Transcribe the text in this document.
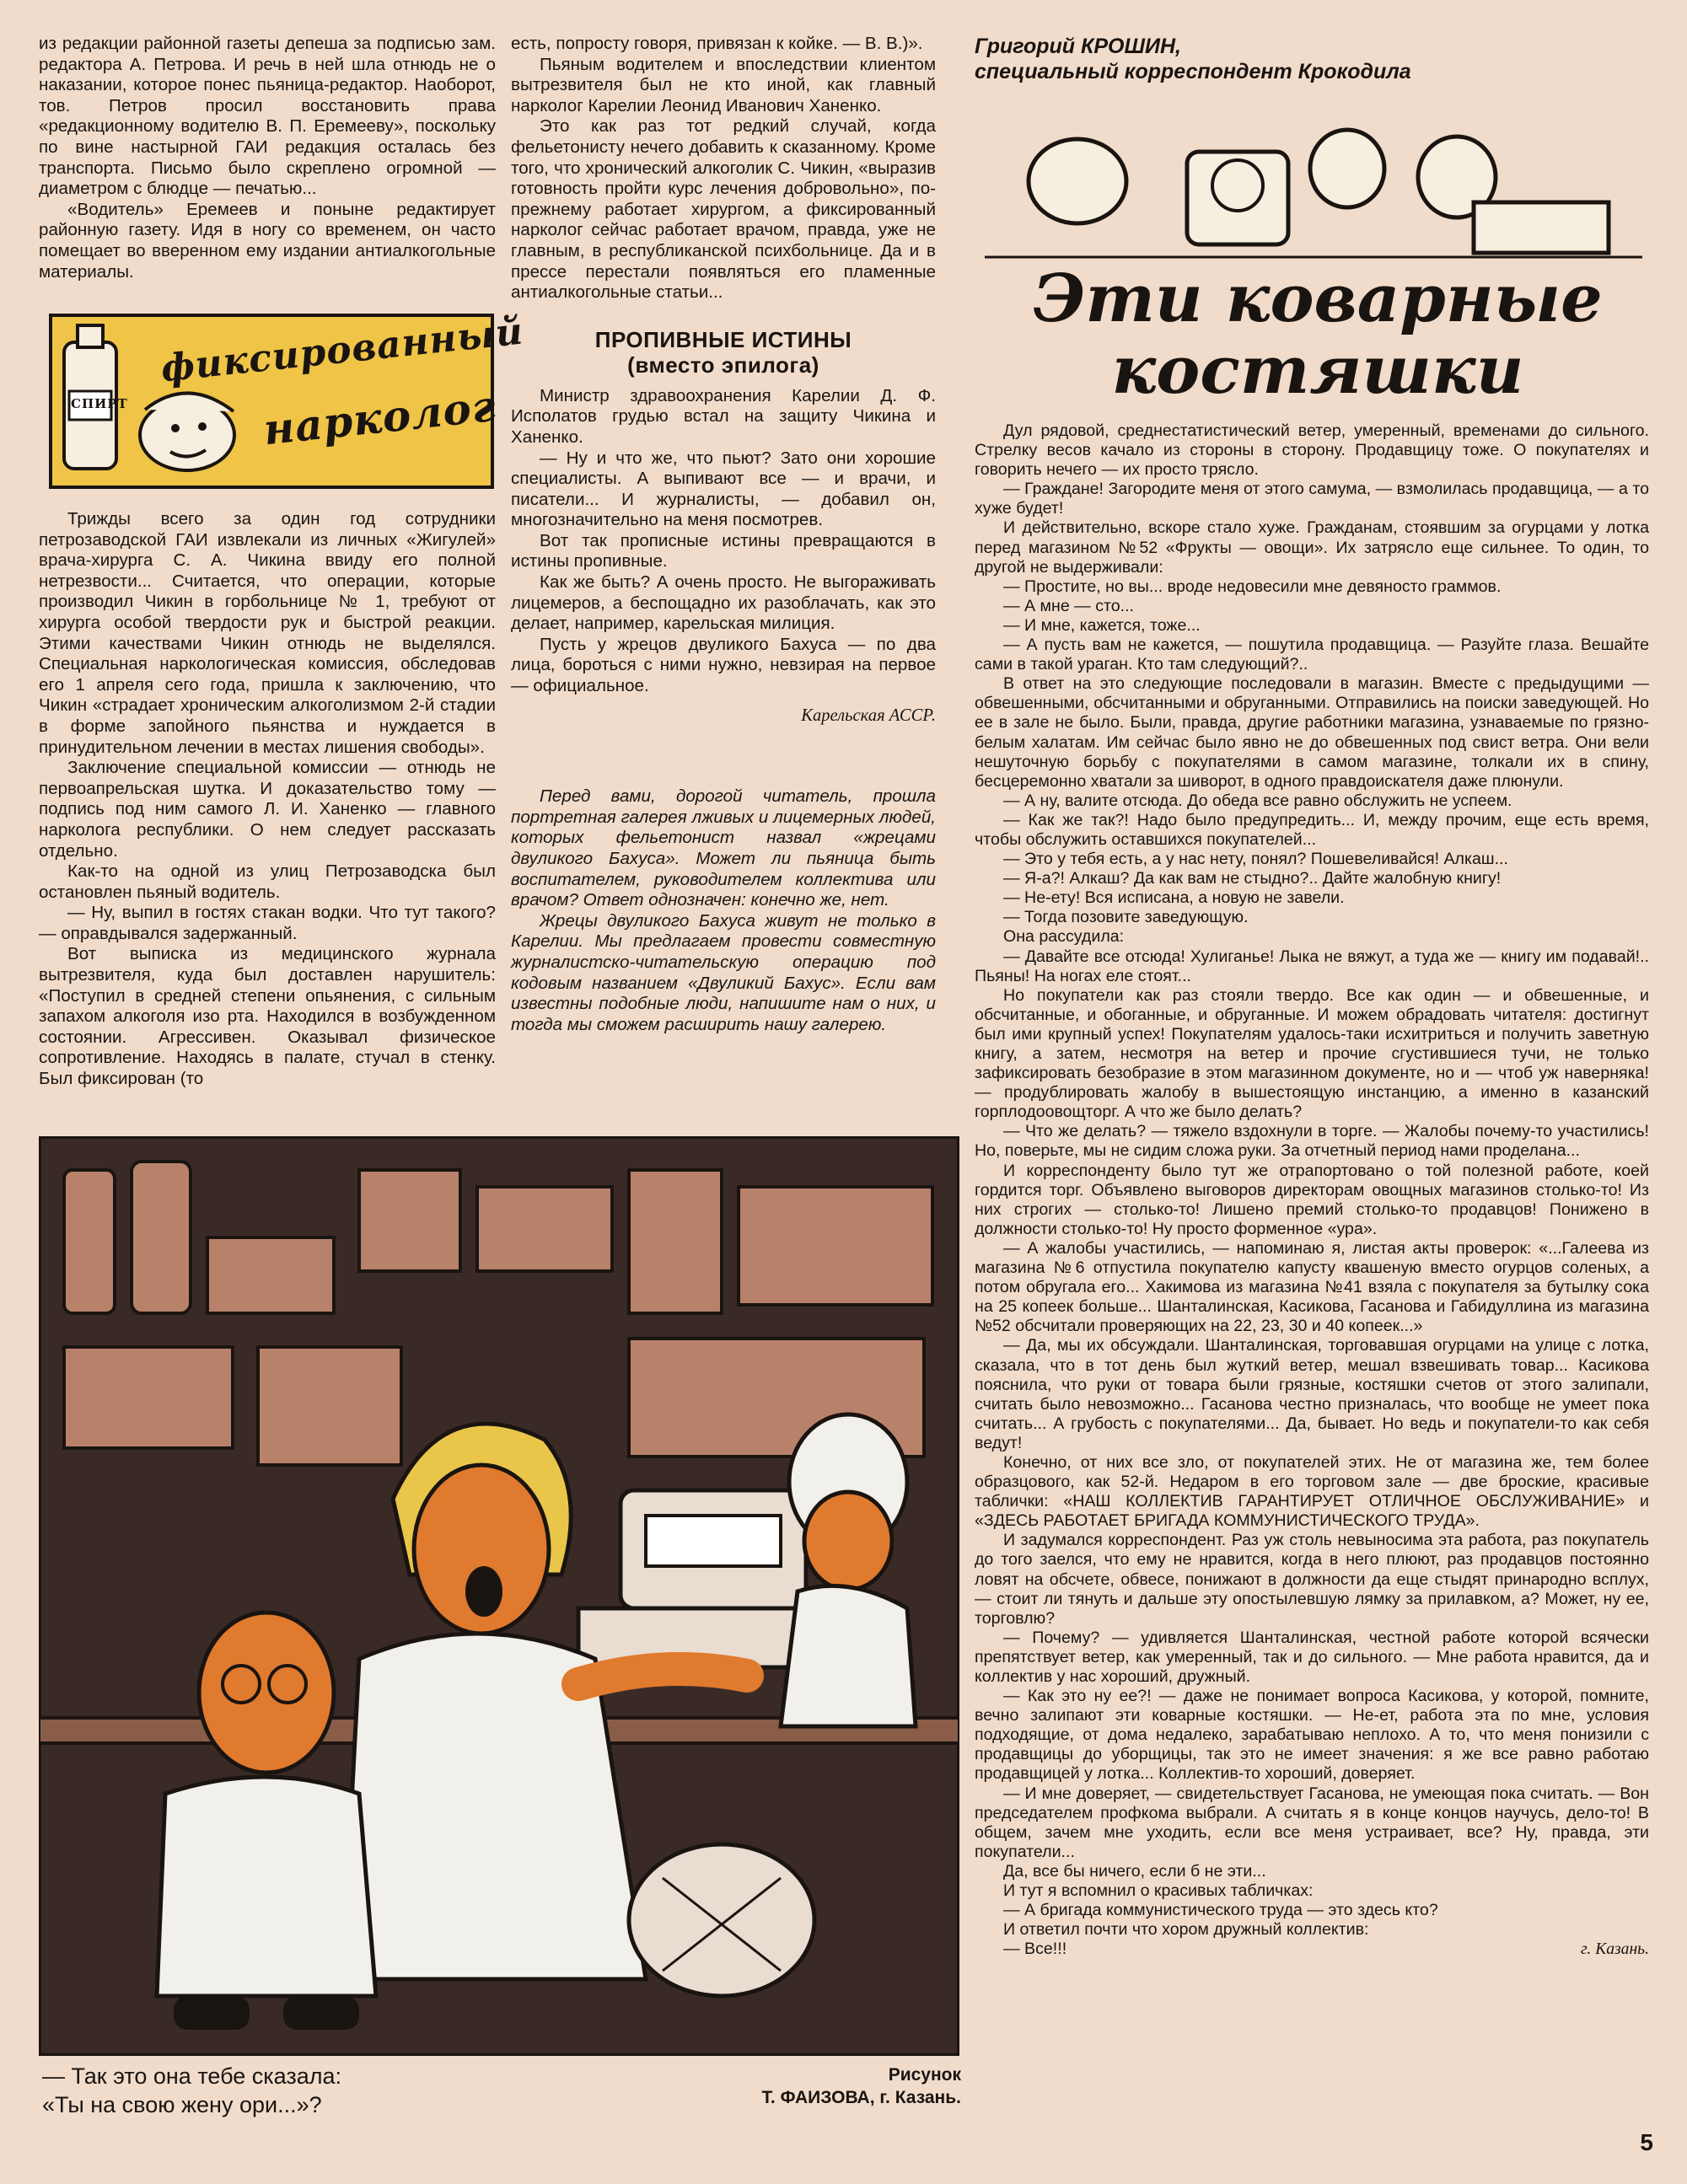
из редакции районной газеты депеша за подписью зам. редактора А. Петрова. И речь в ней шла отнюдь не о наказании, которое понес пьяница-редактор. Наоборот, тов. Петров просил восстановить права «редакционному водителю В. П. Еремееву», поскольку по вине настырной ГАИ редакция осталась без транспорта. Письмо было скреплено огромной — диаметром с блюдце — печатью...

«Водитель» Еремеев и поныне редактирует районную газету. Идя в ногу со временем, он часто помещает во вверенном ему издании антиалкогольные материалы.

СПИРТ
фиксированный
нарколог

Трижды всего за один год сотрудники петрозаводской ГАИ извлекали из личных «Жигулей» врача-хирурга С. А. Чикина ввиду его полной нетрезвости... Считается, что операции, которые производил Чикин в горбольнице № 1, требуют от хирурга особой твердости рук и быстрой реакции. Этими качествами Чикин отнюдь не выделялся. Специальная наркологическая комиссия, обследовав его 1 апреля сего года, пришла к заключению, что Чикин «страдает хроническим алкоголизмом 2-й стадии в форме запойного пьянства и нуждается в принудительном лечении в местах лишения свободы».

Заключение специальной комиссии — отнюдь не первоапрельская шутка. И доказательство тому — подпись под ним самого Л. И. Ханенко — главного нарколога республики. О нем следует рассказать отдельно.

Как-то на одной из улиц Петрозаводска был остановлен пьяный водитель.

— Ну, выпил в гостях стакан водки. Что тут такого? — оправдывался задержанный.

Вот выписка из медицинского журнала вытрезвителя, куда был доставлен нарушитель: «Поступил в средней степени опьянения, с сильным запахом алкоголя изо рта. Находился в возбужденном состоянии. Агрессивен. Оказывал физическое сопротивление. Находясь в палате, стучал в стенку. Был фиксирован (то

есть, попросту говоря, привязан к койке. — В. В.)».

Пьяным водителем и впоследствии клиентом вытрезвителя был не кто иной, как главный нарколог Карелии Леонид Иванович Ханенко.

Это как раз тот редкий случай, когда фельетонисту нечего добавить к сказанному. Кроме того, что хронический алкоголик С. Чикин, «выразив готовность пройти курс лечения добровольно», по-прежнему работает хирургом, а фиксированный нарколог сейчас работает врачом, правда, уже не главным, в республиканской психбольнице. Да и в прессе перестали появляться его пламенные антиалкогольные статьи...

ПРОПИВНЫЕ ИСТИНЫ
(вместо эпилога)

Министр здравоохранения Карелии Д. Ф. Исполатов грудью встал на защиту Чикина и Ханенко.

— Ну и что же, что пьют? Зато они хорошие специалисты. А выпивают все — и врачи, и писатели... И журналисты, — добавил он, многозначительно на меня посмотрев.

Вот так прописные истины превращаются в истины пропивные.

Как же быть? А очень просто. Не выгораживать лицемеров, а беспощадно их разоблачать, как это делает, например, карельская милиция.

Пусть у жрецов двуликого Бахуса — по два лица, бороться с ними нужно, невзирая на первое — официальное.

Карельская АССР.

Перед вами, дорогой читатель, прошла портретная галерея лживых и лицемерных людей, которых фельетонист назвал «жрецами двуликого Бахуса». Может ли пьяница быть воспитателем, руководителем коллектива или врачом? Ответ однозначен: конечно же, нет.

Жрецы двуликого Бахуса живут не только в Карелии. Мы предлагаем провести совместную журналистско-читательскую операцию под кодовым названием «Двуликий Бахус». Если вам известны подобные люди, напишите нам о них, и тогда мы сможем расширить нашу галерею.

Григорий КРОШИН,
специальный корреспондент Крокодила
Эти коварные
костяшки

Дул рядовой, среднестатистический ветер, умеренный, временами до сильного. Стрелку весов качало из стороны в сторону. Продавщицу тоже. О покупателях и говорить нечего — их просто трясло.

— Граждане! Загородите меня от этого самума, — взмолилась продавщица, — а то хуже будет!

И действительно, вскоре стало хуже. Гражданам, стоявшим за огурцами у лотка перед магазином №52 «Фрукты — овощи». Их затрясло еще сильнее. То один, то другой не выдерживали:

— Простите, но вы... вроде недовесили мне девяносто граммов.

— А мне — сто...

— И мне, кажется, тоже...

— А пусть вам не кажется, — пошутила продавщица. — Разуйте глаза. Вешайте сами в такой ураган. Кто там следующий?..

В ответ на это следующие последовали в магазин. Вместе с предыдущими — обвешенными, обсчитанными и обруганными. Отправились на поиски заведующей. Но ее в зале не было. Были, правда, другие работники магазина, узнаваемые по грязно-белым халатам. Им сейчас было явно не до обвешенных под свист ветра. Они вели нешуточную борьбу с покупателями в самом магазине, толкали их в спину, бесцеремонно хватали за шиворот, в одного правдоискателя даже плюнули.

— А ну, валите отсюда. До обеда все равно обслужить не успеем.

— Как же так?! Надо было предупредить... И, между прочим, еще есть время, чтобы обслужить оставшихся покупателей...

— Это у тебя есть, а у нас нету, понял? Пошевеливайся! Алкаш...

— Я-а?! Алкаш? Да как вам не стыдно?.. Дайте жалобную книгу!

— Не-ету! Вся исписана, а новую не завели.

— Тогда позовите заведующую.

Она рассудила:

— Давайте все отсюда! Хулиганье! Лыка не вяжут, а туда же — книгу им подавай!.. Пьяны! На ногах еле стоят...

Но покупатели как раз стояли твердо. Все как один — и обвешенные, и обсчитанные, и обоганные, и обруганные. И можем обрадовать читателя: достигнут был ими крупный успех! Покупателям удалось-таки исхитриться и получить заветную книгу, а затем, несмотря на ветер и прочие сгустившиеся тучи, не только зафиксировать безобразие в этом магазинном документе, но и — чтоб уж наверняка! — продублировать жалобу в вышестоящую инстанцию, а именно в казанский горплодоовощторг. А что же было делать?

— Что же делать? — тяжело вздохнули в торге. — Жалобы почему-то участились! Но, поверьте, мы не сидим сложа руки. За отчетный период нами проделана...

И корреспонденту было тут же отрапортовано о той полезной работе, коей гордится торг. Объявлено выговоров директорам овощных магазинов столько-то! Из них строгих — столько-то! Лишено премий столько-то продавцов! Понижено в должности столько-то! Ну просто форменное «ура».

— А жалобы участились, — напоминаю я, листая акты проверок: «...Галеева из магазина №6 отпустила покупателю капусту квашеную вместо огурцов соленых, а потом обругала его... Хакимова из магазина №41 взяла с покупателя за бутылку сока на 25 копеек больше... Шанталинская, Касикова, Гасанова и Габидуллина из магазина №52 обсчитали проверяющих на 22, 23, 30 и 40 копеек...»

— Да, мы их обсуждали. Шанталинская, торговавшая огурцами на улице с лотка, сказала, что в тот день был жуткий ветер, мешал взвешивать товар... Касикова пояснила, что руки от товара были грязные, костяшки счетов от этого залипали, считать было невозможно... Гасанова честно призналась, что вообще не умеет пока считать... А грубость с покупателями... Да, бывает. Но ведь и покупатели-то как себя ведут!

Конечно, от них все зло, от покупателей этих. Не от магазина же, тем более образцового, как 52-й. Недаром в его торговом зале — две броские, красивые таблички: «НАШ КОЛЛЕКТИВ ГАРАНТИРУЕТ ОТЛИЧНОЕ ОБСЛУЖИВАНИЕ» и «ЗДЕСЬ РАБОТАЕТ БРИГАДА КОММУНИСТИЧЕСКОГО ТРУДА».

И задумался корреспондент. Раз уж столь невыносима эта работа, раз покупатель до того заелся, что ему не нравится, когда в него плюют, раз продавцов постоянно ловят на обсчете, обвесе, понижают в должности да еще стыдят принародно всплух, — стоит ли тянуть и дальше эту опостылевшую лямку за прилавком, а? Может, ну ее, торговлю?

— Почему? — удивляется Шанталинская, честной работе которой всячески препятствует ветер, как умеренный, так и до сильного. — Мне работа нравится, да и коллектив у нас хороший, дружный.

— Как это ну ее?! — даже не понимает вопроса Касикова, у которой, помните, вечно залипают эти коварные костяшки. — Не-ет, работа эта по мне, условия подходящие, от дома недалеко, зарабатываю неплохо. А то, что меня понизили с продавщицы до уборщицы, так это не имеет значения: я же все равно работаю продавщицей у лотка... Коллектив-то хороший, доверяет.

— И мне доверяет, — свидетельствует Гасанова, не умеющая пока считать. — Вон председателем профкома выбрали. А считать я в конце концов научусь, дело-то! В общем, зачем мне уходить, если все меня устраивает, все? Ну, правда, эти покупатели...

Да, все бы ничего, если б не эти...

И тут я вспомнил о красивых табличках:

— А бригада коммунистического труда — это здесь кто?

И ответил почти что хором дружный коллектив:

— Все!!!	г. Казань.

— Так это она тебе сказала:
«Ты на свою жену ори...»?
Рисунок
Т. ФАИЗОВА, г. Казань.
5
